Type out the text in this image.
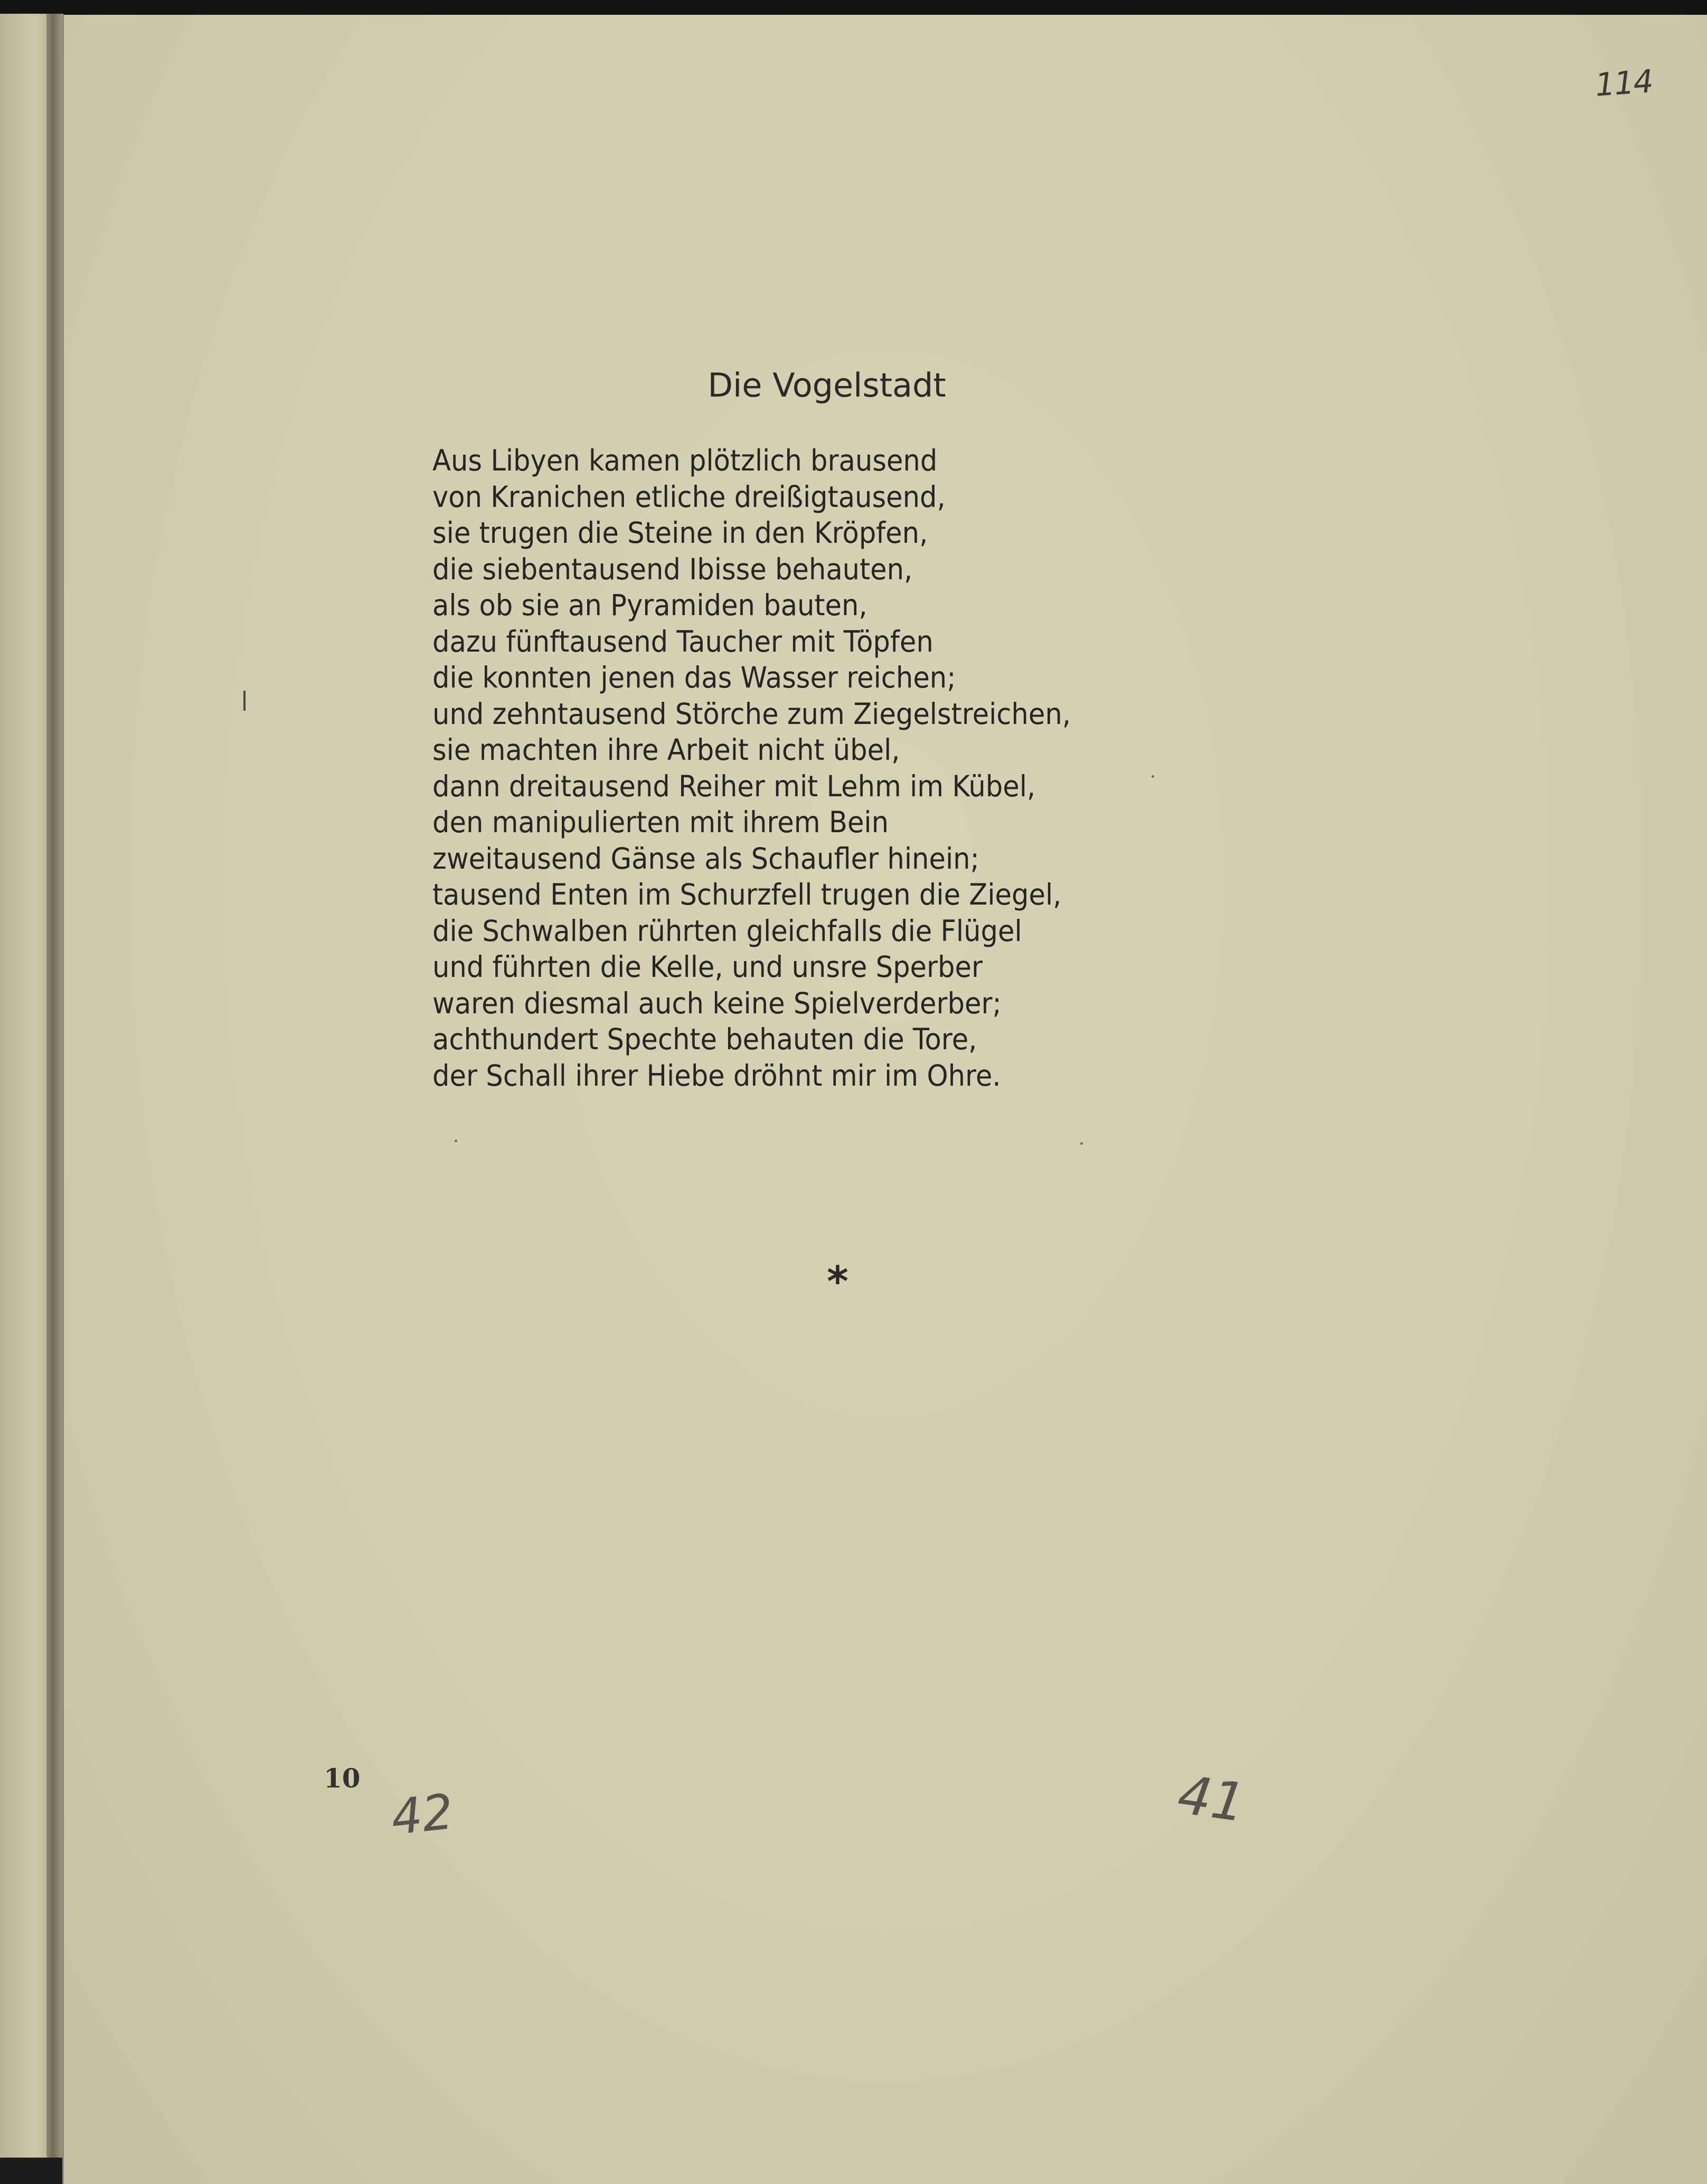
114
Die Vogelstadt
Aus Libyen kamen plötzlich brausend
von Kranichen etliche dreißigtausend,
sie trugen die Steine in den Kröpfen,
die siebentausend Ibisse behauten,
als ob sie an Pyramiden bauten,
dazu fünftausend Taucher mit Töpfen
die konnten jenen das Wasser reichen;
und zehntausend Störche zum Ziegelstreichen,
sie machten ihre Arbeit nicht übel,
dann dreitausend Reiher mit Lehm im Kübel,
den manipulierten mit ihrem Bein
zweitausend Gänse als Schaufler hinein;
tausend Enten im Schurzfell trugen die Ziegel,
die Schwalben rührten gleichfalls die Flügel
und führten die Kelle, und unsre Sperber
waren diesmal auch keine Spielverderber;
achthundert Spechte behauten die Tore,
der Schall ihrer Hiebe dröhnt mir im Ohre.
*
10
42	41
